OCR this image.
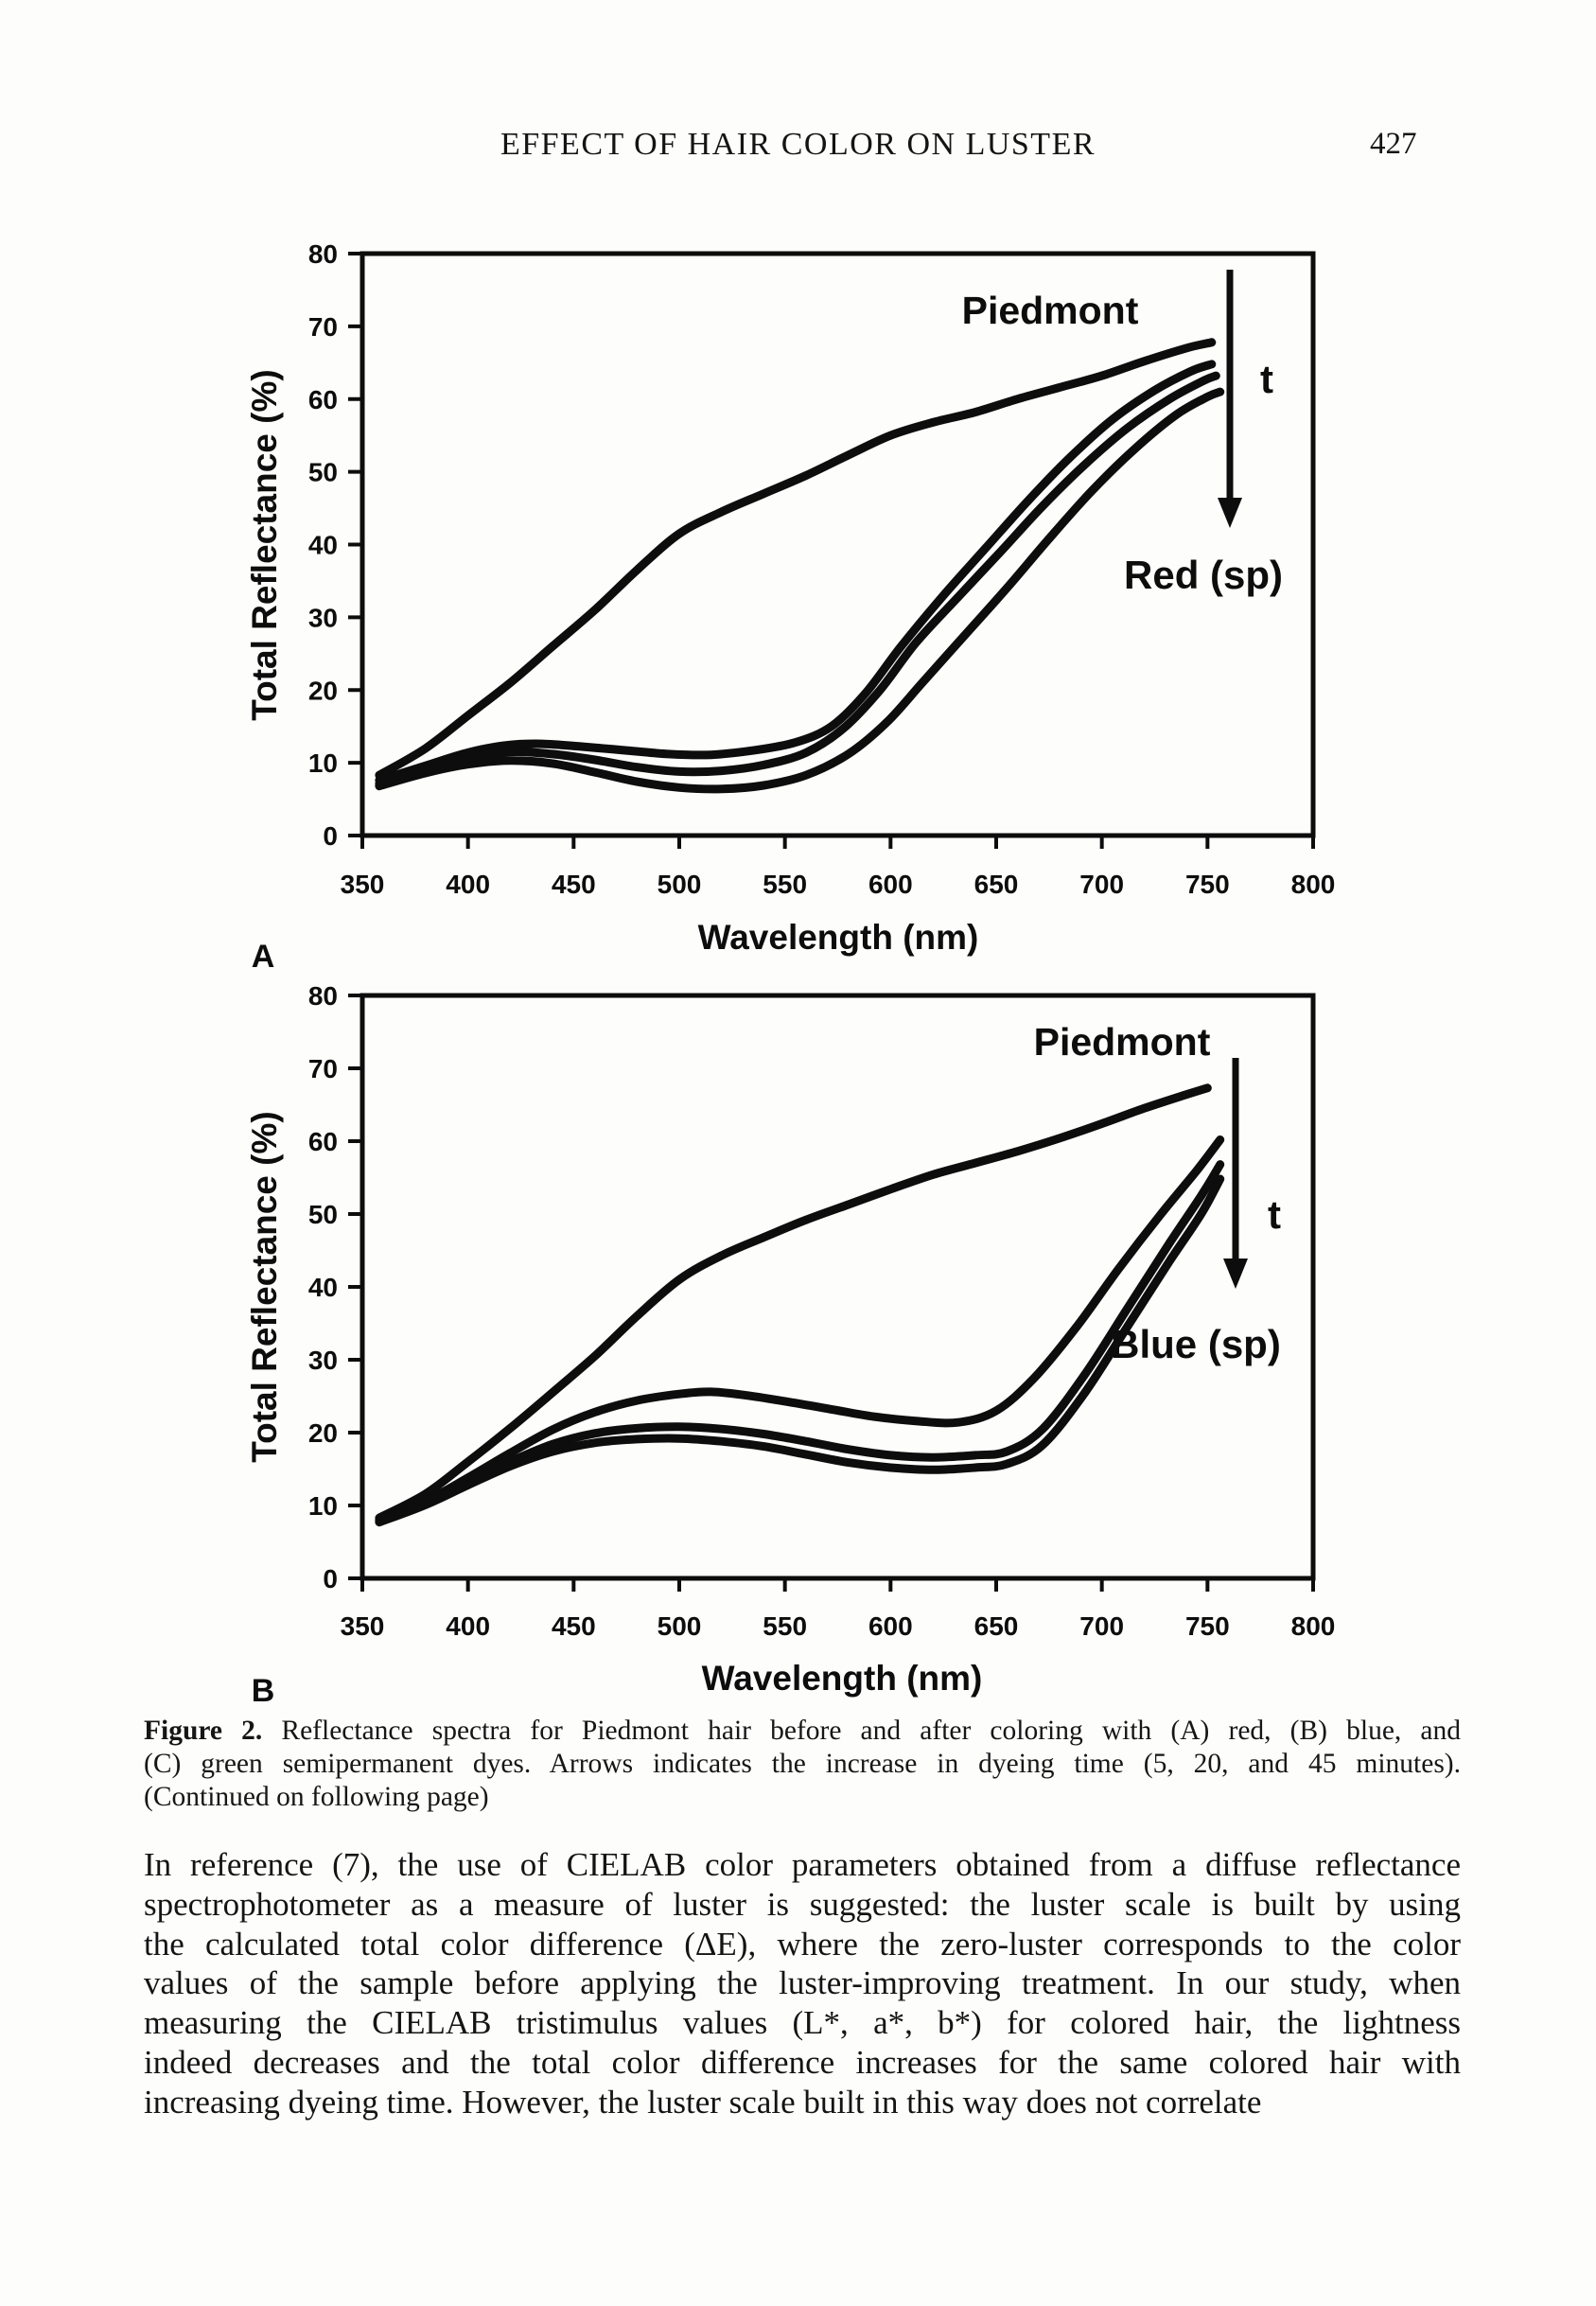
EFFECT OF HAIR COLOR ON LUSTER	427
350 400 450 500 550 600 650 700 750 800
0
10
20
30
40
50
60
70
80
Piedmont
t
Red (sp)
Wavelength (nm)
Total Reflectance (%)
A
350 400 450 500 550 600 650 700 750 800
0
10
20
30
40
50
60
70
80
Piedmont
t
Blue (sp)
Wavelength (nm)
Total Reflectance (%)
B
Figure 2. Reflectance spectra for Piedmont hair before and after coloring with (A) red, (B) blue, and
(C) green semipermanent dyes. Arrows indicates the increase in dyeing time (5, 20, and 45 minutes).
(Continued on following page)
In reference (7), the use of CIELAB color parameters obtained from a diffuse reflectance
spectrophotometer as a measure of luster is suggested: the luster scale is built by using
the calculated total color difference (ΔE), where the zero-luster corresponds to the color
values of the sample before applying the luster-improving treatment. In our study, when
measuring the CIELAB tristimulus values (L*, a*, b*) for colored hair, the lightness
indeed decreases and the total color difference increases for the same colored hair with
increasing dyeing time. However, the luster scale built in this way does not correlate
